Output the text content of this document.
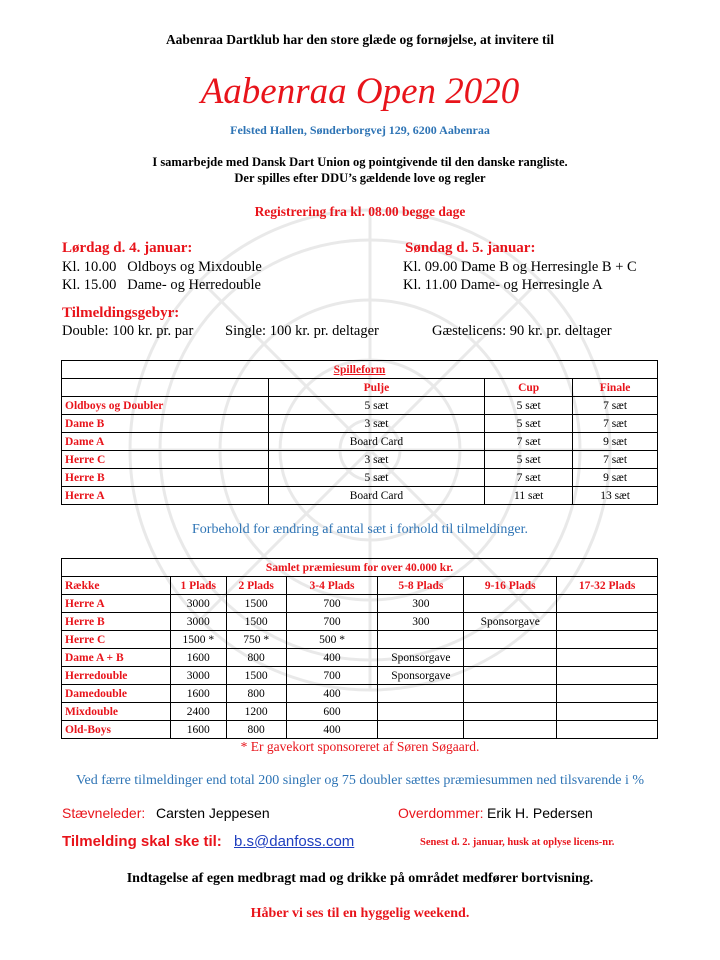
Aabenraa Dartklub har den store glæde og fornøjelse, at invitere til
Aabenraa Open 2020
Felsted Hallen, Sønderborgvej 129, 6200 Aabenraa
I samarbejde med Dansk Dart Union og pointgivende til den danske rangliste.
Der spilles efter DDU’s gældende love og regler
Registrering fra kl. 08.00 begge dage
Lørdag d. 4. januar:
Kl. 10.00   Oldboys og Mixdouble
Kl. 15.00   Dame- og Herredouble
Søndag d. 5. januar:
Kl. 09.00 Dame B og Herresingle B + C
Kl. 11.00 Dame- og Herresingle A
Tilmeldingsgebyr:
Double: 100 kr. pr. par Single: 100 kr. pr. deltager	Gæstelicens: 90 kr. pr. deltager
Spilleform			
	Pulje	Cup	Finale
Oldboys og Doubler	5 sæt	5 sæt	7 sæt
Dame B	3 sæt	5 sæt	7 sæt
Dame A	Board Card	7 sæt	9 sæt
Herre C	3 sæt	5 sæt	7 sæt
Herre B	5 sæt	7 sæt	9 sæt
Herre A	Board Card	11 sæt	13 sæt
Forbehold for ændring af antal sæt i forhold til tilmeldinger.
Samlet præmiesum for over 40.000 kr.						
Række	1 Plads	2 Plads	3-4 Plads	5-8 Plads	9-16 Plads	17-32 Plads
Herre A	3000	1500	700	300		
Herre B	3000	1500	700	300	Sponsorgave	
Herre C	1500 *	750 *	500 *			
Dame A + B	1600	800	400	Sponsorgave		
Herredouble	3000	1500	700	Sponsorgave		
Damedouble	1600	800	400			
Mixdouble	2400	1200	600			
Old-Boys	1600	800	400			
* Er gavekort sponsoreret af Søren Søgaard.
Ved færre tilmeldinger end total 200 singler og 75 doubler sættes præmiesummen ned tilsvarende i %
Stævneleder: Carsten Jeppesen	Overdommer: Erik H. Pedersen
Tilmelding skal ske til: b.s@danfoss.com	Senest d. 2. januar, husk at oplyse licens-nr.
Indtagelse af egen medbragt mad og drikke på området medfører bortvisning.
Håber vi ses til en hyggelig weekend.
